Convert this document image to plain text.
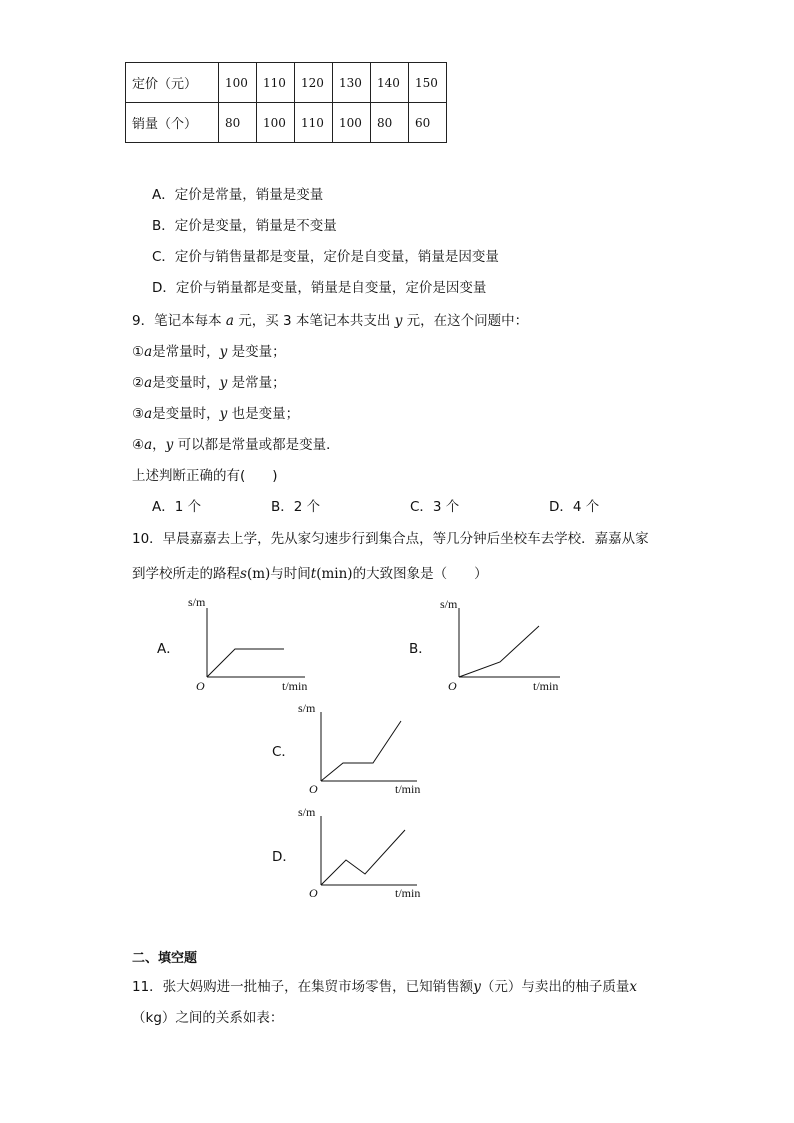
定价（元）	100	110	120	130	140	150
销量（个）	80	100	110	100	80	60
A．定价是常量，销量是变量
B．定价是变量，销量是不变量
C．定价与销售量都是变量，定价是自变量，销量是因变量
D．定价与销量都是变量，销量是自变量，定价是因变量
9．笔记本每本 a 元，买 3 本笔记本共支出 y 元，在这个问题中：
①a是常量时，y 是变量；
②a是变量时，y 是常量；
③a是变量时，y 也是变量；
④a，y 可以都是常量或都是变量．
上述判断正确的有(　　)
A．1 个	B．2 个	C．3 个	D．4 个
10．早晨嘉嘉去上学，先从家匀速步行到集合点，等几分钟后坐校车去学校．嘉嘉从家
到学校所走的路程s(m)与时间t(min)的大致图象是（　　）
A．	B．
C．
D．
s/m
t/min
O
s/m
t/min
O
s/m
t/min
O
s/m
t/min
O
二、填空题
11．张大妈购进一批柚子，在集贸市场零售，已知销售额y（元）与卖出的柚子质量x
（kg）之间的关系如表：
